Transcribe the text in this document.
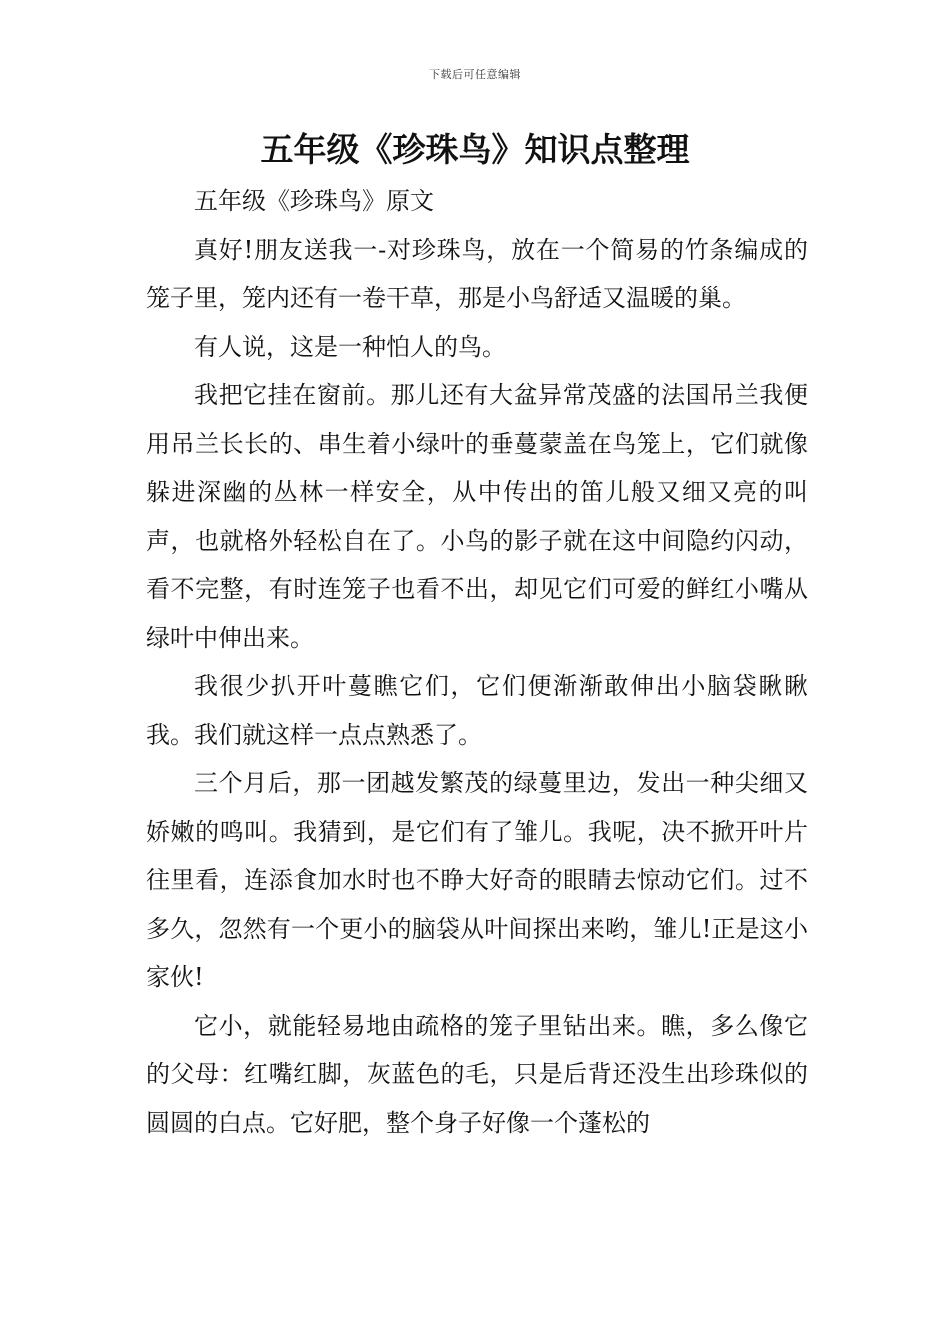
下载后可任意编辑
五年级《珍珠鸟》知识点整理

五年级《珍珠鸟》原文

真好!朋友送我一-对珍珠鸟，放在一个简易的竹条编成的笼子里，笼内还有一卷干草，那是小鸟舒适又温暖的巢。

有人说，这是一种怕人的鸟。

我把它挂在窗前。那儿还有大盆异常茂盛的法国吊兰我便用吊兰长长的、串生着小绿叶的垂蔓蒙盖在鸟笼上，它们就像躲进深幽的丛林一样安全，从中传出的笛儿般又细又亮的叫声，也就格外轻松自在了。小鸟的影子就在这中间隐约闪动，看不完整，有时连笼子也看不出，却见它们可爱的鲜红小嘴从绿叶中伸出来。

我很少扒开叶蔓瞧它们，它们便渐渐敢伸出小脑袋瞅瞅我。我们就这样一点点熟悉了。

三个月后，那一团越发繁茂的绿蔓里边，发出一种尖细又娇嫩的鸣叫。我猜到，是它们有了雏儿。我呢，决不掀开叶片往里看，连添食加水时也不睁大好奇的眼睛去惊动它们。过不多久，忽然有一个更小的脑袋从叶间探出来哟，雏儿!正是这小家伙!

它小，就能轻易地由疏格的笼子里钻出来。瞧，多么像它的父母：红嘴红脚，灰蓝色的毛，只是后背还没生出珍珠似的圆圆的白点。它好肥，整个身子好像一个蓬松的
